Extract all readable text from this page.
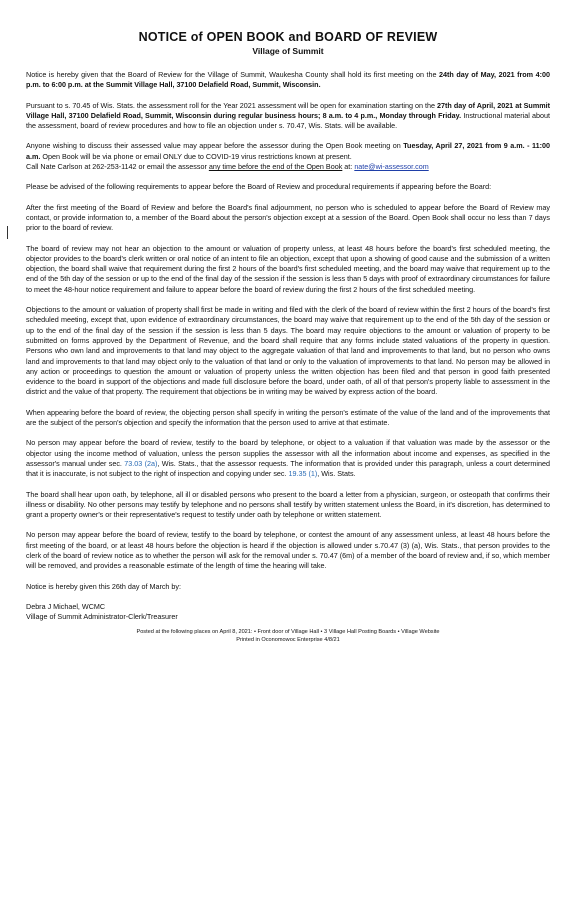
NOTICE of OPEN BOOK and BOARD OF REVIEW
Village of Summit

Notice is hereby given that the Board of Review for the Village of Summit, Waukesha County shall hold its first meeting on the 24th day of May, 2021 from 4:00 p.m. to 6:00 p.m. at the Summit Village Hall, 37100 Delafield Road, Summit, Wisconsin.

Pursuant to s. 70.45 of Wis. Stats. the assessment roll for the Year 2021 assessment will be open for examination starting on the 27th day of April, 2021 at Summit Village Hall, 37100 Delafield Road, Summit, Wisconsin during regular business hours; 8 a.m. to 4 p.m., Monday through Friday. Instructional material about the assessment, board of review procedures and how to file an objection under s. 70.47, Wis. Stats. will be available.

Anyone wishing to discuss their assessed value may appear before the assessor during the Open Book meeting on Tuesday, April 27, 2021 from 9 a.m. - 11:00 a.m. Open Book will be via phone or email ONLY due to COVID-19 virus restrictions known at present.
Call Nate Carlson at 262-253-1142 or email the assessor any time before the end of the Open Book at: nate@wi-assessor.com

Please be advised of the following requirements to appear before the Board of Review and procedural requirements if appearing before the Board:

After the first meeting of the Board of Review and before the Board's final adjournment, no person who is scheduled to appear before the Board of Review may contact, or provide information to, a member of the Board about the person's objection except at a session of the Board. Open Book shall occur no less than 7 days prior to the board of review.

The board of review may not hear an objection to the amount or valuation of property unless, at least 48 hours before the board's first scheduled meeting, the objector provides to the board's clerk written or oral notice of an intent to file an objection, except that upon a showing of good cause and the submission of a written objection, the board shall waive that requirement during the first 2 hours of the board's first scheduled meeting, and the board may waive that requirement up to the end of the 5th day of the session or up to the end of the final day of the session if the session is less than 5 days with proof of extraordinary circumstances for failure to meet the 48-hour notice requirement and failure to appear before the board of review during the first 2 hours of the first scheduled meeting.

Objections to the amount or valuation of property shall first be made in writing and filed with the clerk of the board of review within the first 2 hours of the board's first scheduled meeting, except that, upon evidence of extraordinary circumstances, the board may waive that requirement up to the end of the 5th day of the session or up to the end of the final day of the session if the session is less than 5 days. The board may require objections to the amount or valuation of property to be submitted on forms approved by the Department of Revenue, and the board shall require that any forms include stated valuations of the property in question. Persons who own land and improvements to that land may object to the aggregate valuation of that land and improvements to that land, but no person who owns land and improvements to that land may object only to the valuation of that land or only to the valuation of improvements to that land. No person may be allowed in any action or proceedings to question the amount or valuation of property unless the written objection has been filed and that person in good faith presented evidence to the board in support of the objections and made full disclosure before the board, under oath, of all of that person's property liable to assessment in the district and the value of that property. The requirement that objections be in writing may be waived by express action of the board.

When appearing before the board of review, the objecting person shall specify in writing the person's estimate of the value of the land and of the improvements that are the subject of the person's objection and specify the information that the person used to arrive at that estimate.

No person may appear before the board of review, testify to the board by telephone, or object to a valuation if that valuation was made by the assessor or the objector using the income method of valuation, unless the person supplies the assessor with all the information about income and expenses, as specified in the assessor's manual under sec. 73.03 (2a), Wis. Stats., that the assessor requests. The information that is provided under this paragraph, unless a court determined that it is inaccurate, is not subject to the right of inspection and copying under sec. 19.35 (1), Wis. Stats.

The board shall hear upon oath, by telephone, all ill or disabled persons who present to the board a letter from a physician, surgeon, or osteopath that confirms their illness or disability. No other persons may testify by telephone and no persons shall testify by written statement unless the Board, in it's discretion, has determined to grant a property owner's or their representative's request to testify under oath by telephone or written statement.

No person may appear before the board of review, testify to the board by telephone, or contest the amount of any assessment unless, at least 48 hours before the first meeting of the board, or at least 48 hours before the objection is heard if the objection is allowed under s.70.47 (3) (a), Wis. Stats., that person provides to the clerk of the board of review notice as to whether the person will ask for the removal under s. 70.47 (6m) of a member of the board of review and, if so, which member will be removed, and provides a reasonable estimate of the length of time the hearing will take.

Notice is hereby given this 26th day of March by:

Debra J Michael, WCMC

Village of Summit Administrator-Clerk/Treasurer

Posted at the following places on April 8, 2021: • Front door of Village Hall • 3 Village Hall Posting Boards • Village Website
Printed in Oconomowoc Enterprise 4/8/21
